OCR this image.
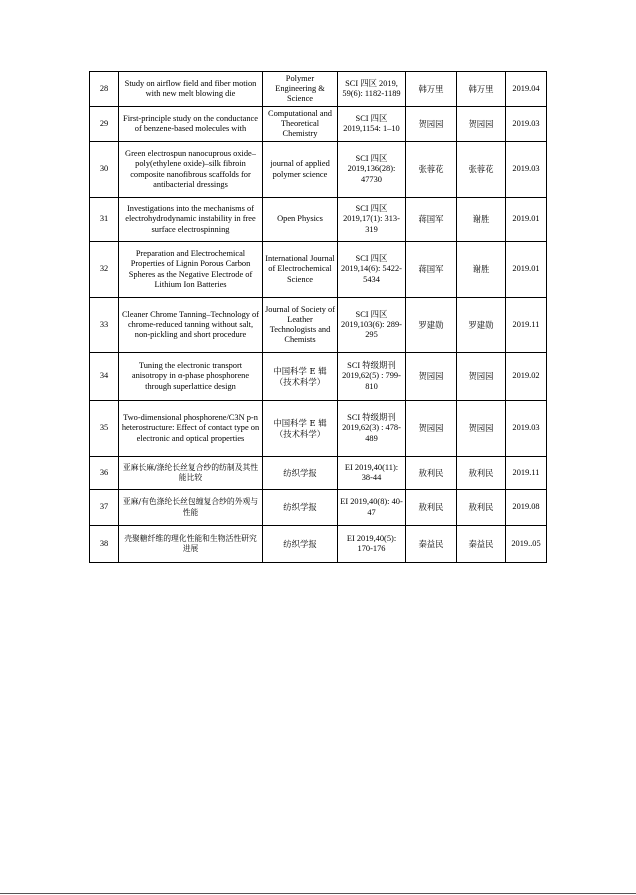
28	Study on airflow field and fiber motion with new melt blowing die	Polymer Engineering & Science	SCI 四区 2019, 59(6): 1182-1189	韩万里	韩万里	2019.04
29	First-principle study on the conductance of benzene-based molecules with	Computational and Theoretical Chemistry	SCI 四区 2019,1154: 1–10	贺园园	贺园园	2019.03
30	Green electrospun nanocuprous oxide–poly(ethylene oxide)–silk fibroin composite nanofibrous scaffolds for antibacterial dressings	journal of applied polymer science	SCI 四区 2019,136(28): 47730	张蓉花	张蓉花	2019.03
31	Investigations into the mechanisms of electrohydrodynamic instability in free surface electrospinning	Open Physics	SCI 四区 2019,17(1): 313-319	蒋国军	谢胜	2019.01
32	Preparation and Electrochemical Properties of Lignin Porous Carbon Spheres as the Negative Electrode of Lithium Ion Batteries	International Journal of Electrochemical Science	SCI 四区 2019,14(6): 5422-5434	蒋国军	谢胜	2019.01
33	Cleaner Chrome Tanning–Technology of chrome-reduced tanning without salt, non-pickling and short procedure	Journal of Society of Leather Technologists and Chemists	SCI 四区 2019,103(6): 289-295	罗建勋	罗建勋	2019.11
34	Tuning the electronic transport anisotropy in α-phase phosphorene through superlattice design	中国科学 E 辑 （技术科学）	SCI 特级期刊 2019,62(5) : 799-810	贺园园	贺园园	2019.02
35	Two-dimensional phosphorene/C3N p-n heterostructure: Effect of contact type on electronic and optical properties	中国科学 E 辑 （技术科学）	SCI 特级期刊 2019,62(3) : 478-489	贺园园	贺园园	2019.03
36	亚麻长麻/涤纶长丝复合纱的纺制及其性能比较	纺织学报	EI 2019,40(11): 38-44	敖利民	敖利民	2019.11
37	亚麻/有色涤纶长丝包缠复合纱的外观与性能	纺织学报	EI 2019,40(8): 40-47	敖利民	敖利民	2019.08
38	壳聚糖纤维的理化性能和生物活性研究进展	纺织学报	EI 2019,40(5): 170-176	秦益民	秦益民	2019..05
